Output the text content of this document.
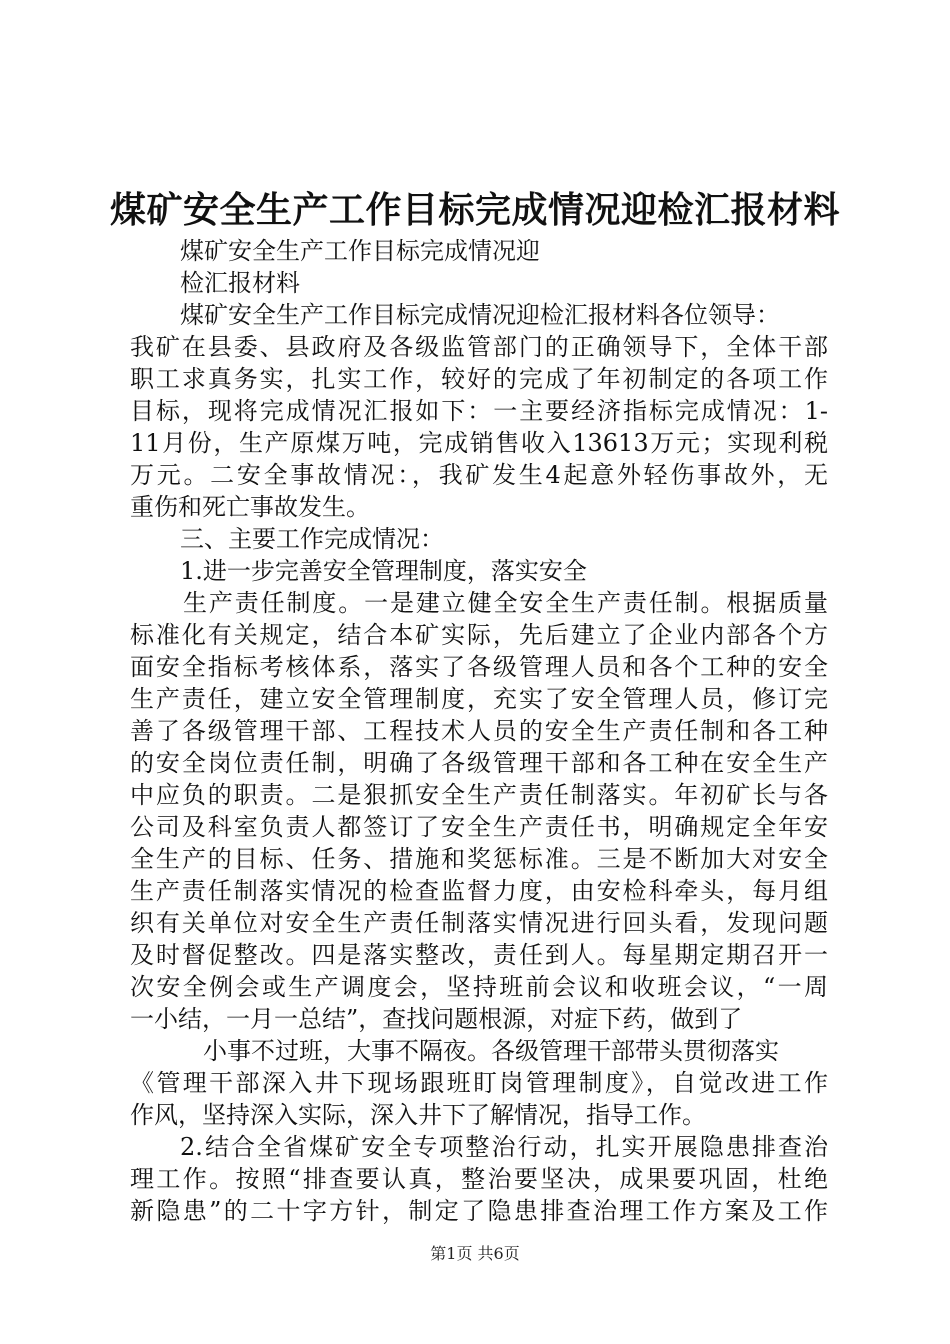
煤矿安全生产工作目标完成情况迎检汇报材料
煤矿安全生产工作目标完成情况迎
检汇报材料
煤矿安全生产工作目标完成情况迎检汇报材料各位领导：
我矿在县委、县政府及各级监管部门的正确领导下，全体干部
职工求真务实，扎实工作，较好的完成了年初制定的各项工作
目标，现将完成情况汇报如下：一主要经济指标完成情况：1-
11月份，生产原煤万吨，完成销售收入13613万元；实现利税
万元。二安全事故情况：，我矿发生4起意外轻伤事故外，无
重伤和死亡事故发生。
三、主要工作完成情况：
1.进一步完善安全管理制度，落实安全
生产责任制度。一是建立健全安全生产责任制。根据质量
标准化有关规定，结合本矿实际，先后建立了企业内部各个方
面安全指标考核体系，落实了各级管理人员和各个工种的安全
生产责任，建立安全管理制度，充实了安全管理人员，修订完
善了各级管理干部、工程技术人员的安全生产责任制和各工种
的安全岗位责任制，明确了各级管理干部和各工种在安全生产
中应负的职责。二是狠抓安全生产责任制落实。年初矿长与各
公司及科室负责人都签订了安全生产责任书，明确规定全年安
全生产的目标、任务、措施和奖惩标准。三是不断加大对安全
生产责任制落实情况的检查监督力度，由安检科牵头，每月组
织有关单位对安全生产责任制落实情况进行回头看，发现问题
及时督促整改。四是落实整改，责任到人。每星期定期召开一
次安全例会或生产调度会，坚持班前会议和收班会议，“一周
一小结，一月一总结”，查找问题根源，对症下药，做到了
小事不过班，大事不隔夜。各级管理干部带头贯彻落实
《管理干部深入井下现场跟班盯岗管理制度》，自觉改进工作
作风，坚持深入实际，深入井下了解情况，指导工作。
2.结合全省煤矿安全专项整治行动，扎实开展隐患排查治
理工作。按照“排查要认真，整治要坚决，成果要巩固，杜绝
新隐患”的二十字方针，制定了隐患排查治理工作方案及工作
第1页 共6页
